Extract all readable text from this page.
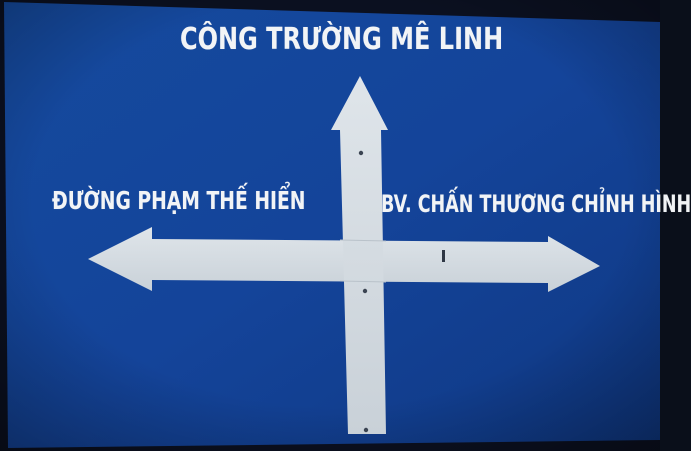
CÔNG TRƯỜNG MÊ LINH
ĐƯỜNG PHẠM THẾ HIỂN	BV. CHẤN THƯƠNG CHỈNH HÌNH
